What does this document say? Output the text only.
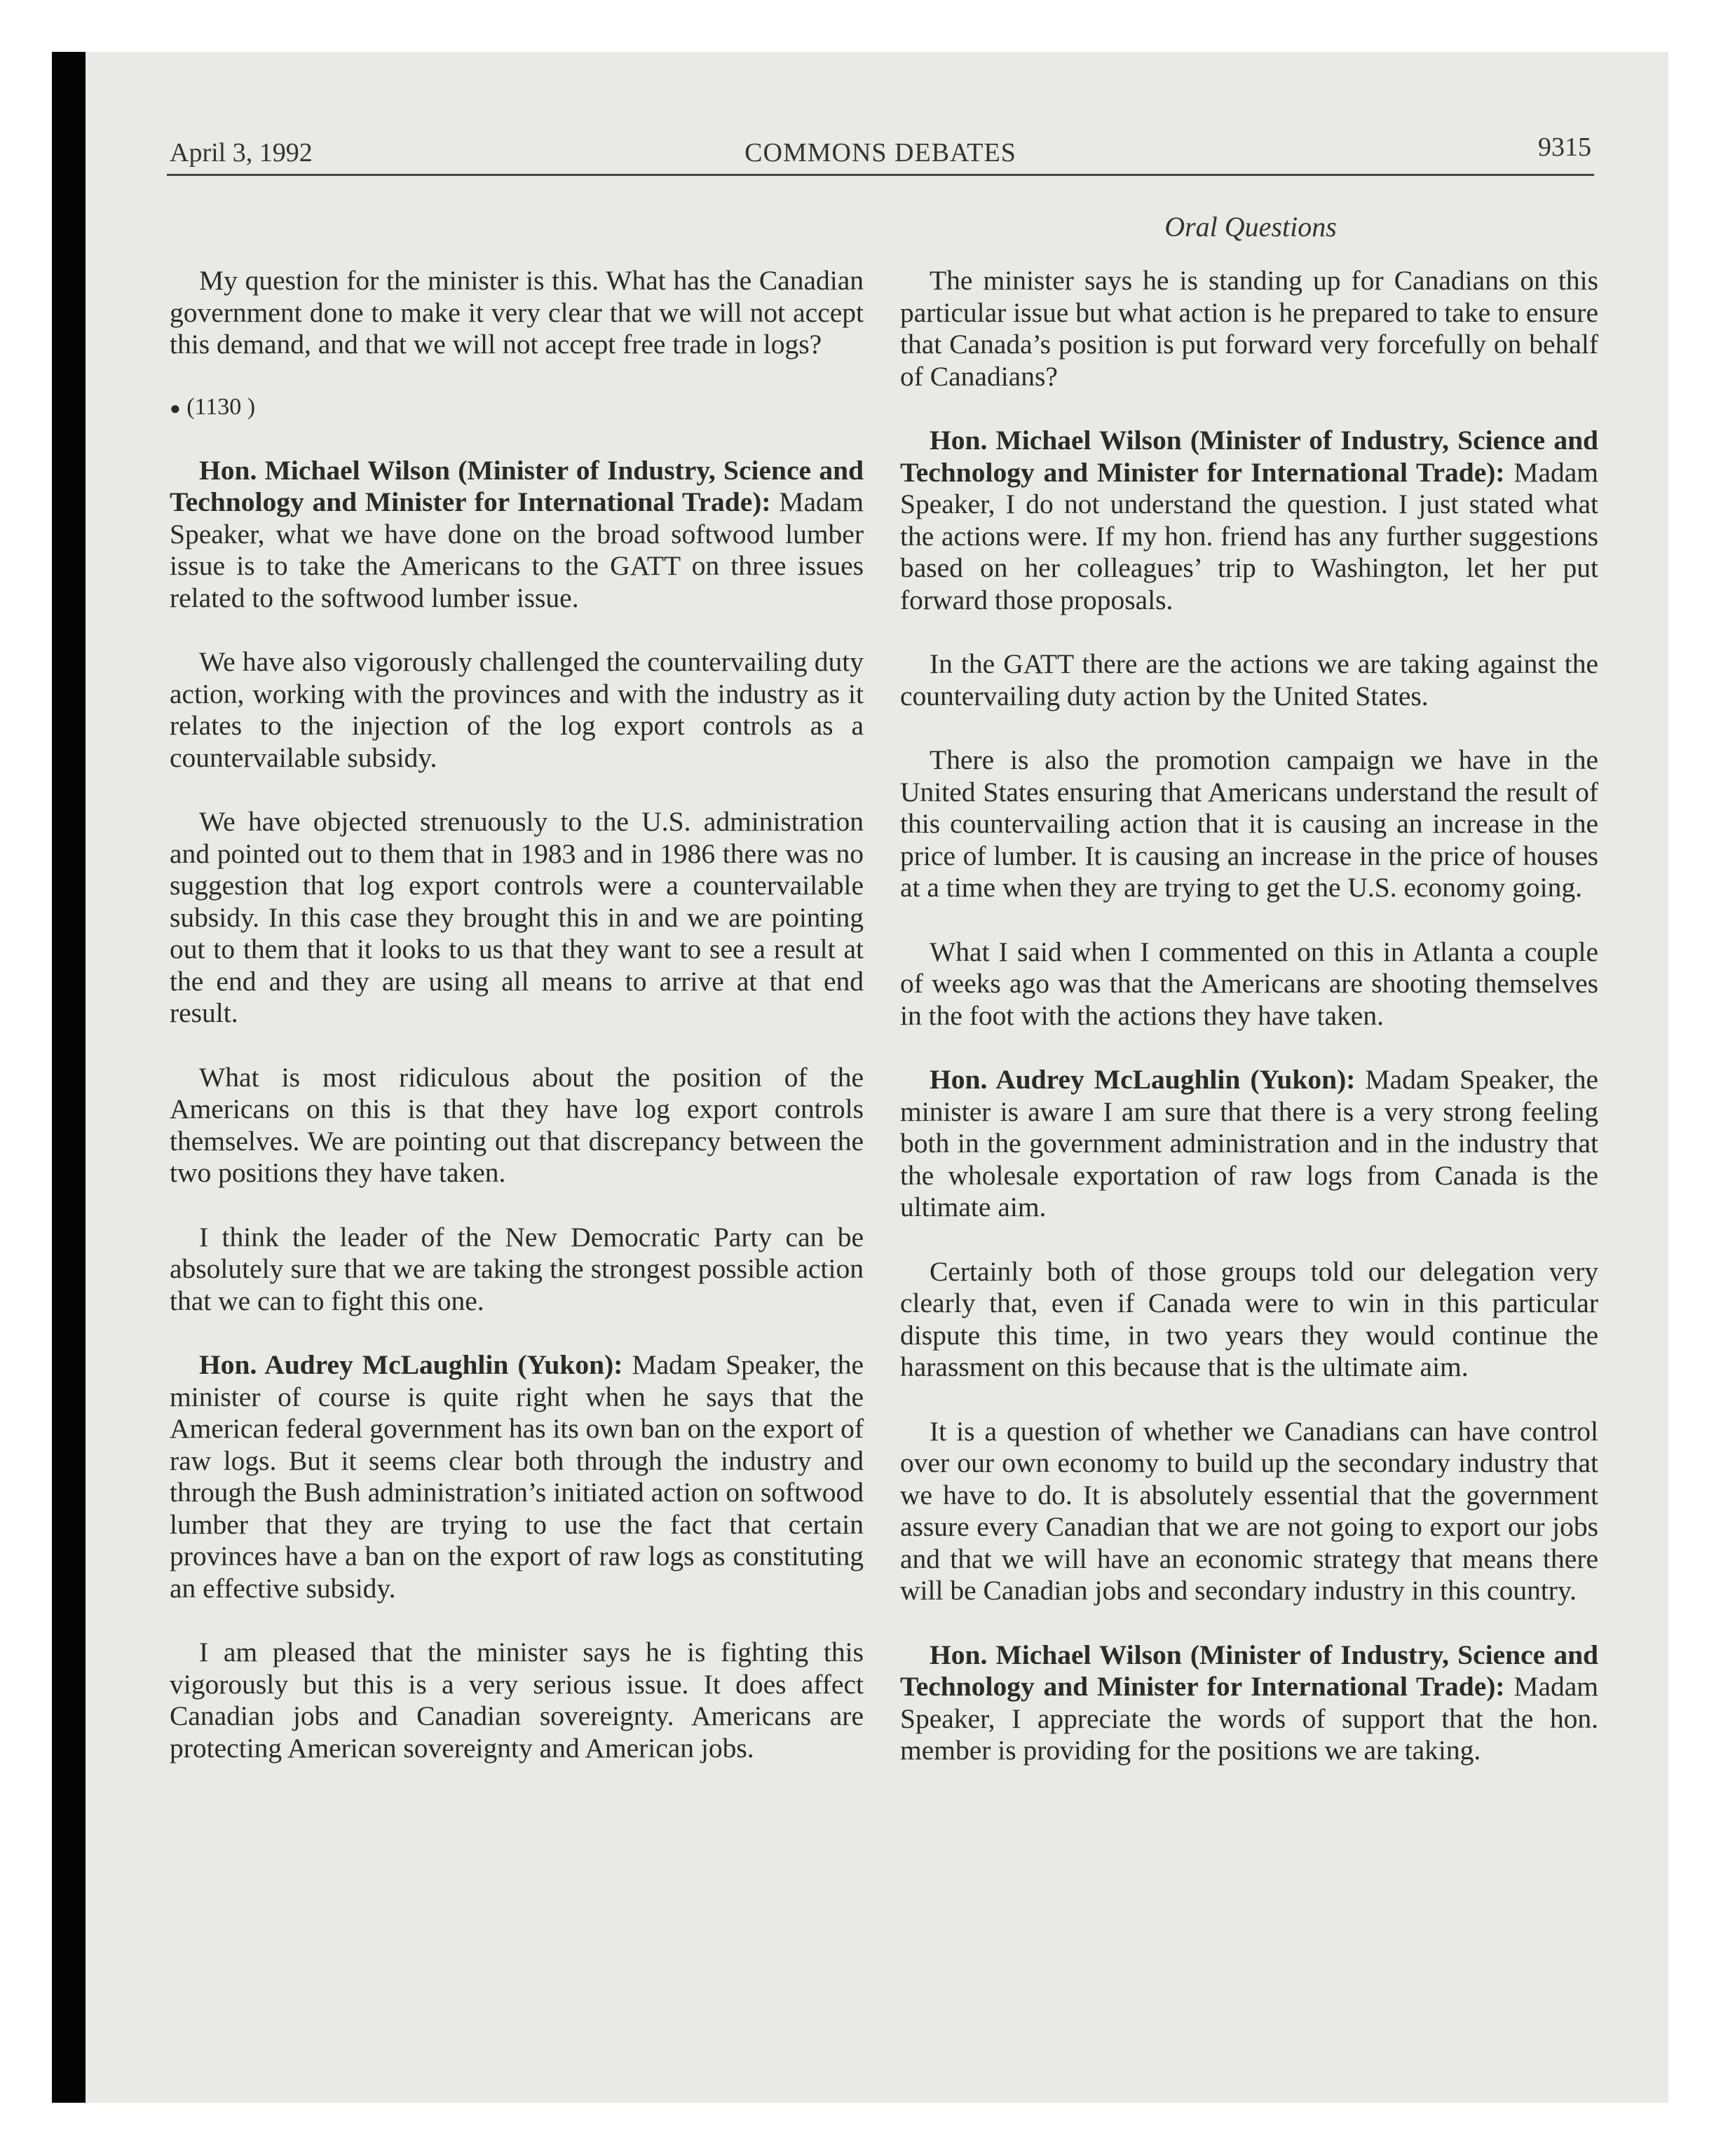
April 3, 1992	COMMONS DEBATES	9315
Oral Questions

My question for the minister is this. What has the Canadian government done to make it very clear that we will not accept this demand, and that we will not accept free trade in logs?

● (1130 )

Hon. Michael Wilson (Minister of Industry, Science and Technology and Minister for International Trade): Madam Speaker, what we have done on the broad softwood lumber issue is to take the Americans to the GATT on three issues related to the softwood lumber issue.

We have also vigorously challenged the countervailing duty action, working with the provinces and with the industry as it relates to the injection of the log export controls as a countervailable subsidy.

We have objected strenuously to the U.S. administration and pointed out to them that in 1983 and in 1986 there was no suggestion that log export controls were a countervailable subsidy. In this case they brought this in and we are pointing out to them that it looks to us that they want to see a result at the end and they are using all means to arrive at that end result.

What is most ridiculous about the position of the Americans on this is that they have log export controls themselves. We are pointing out that discrepancy between the two positions they have taken.

I think the leader of the New Democratic Party can be absolutely sure that we are taking the strongest possible action that we can to fight this one.

Hon. Audrey McLaughlin (Yukon): Madam Speaker, the minister of course is quite right when he says that the American federal government has its own ban on the export of raw logs. But it seems clear both through the industry and through the Bush administration’s initiated action on softwood lumber that they are trying to use the fact that certain provinces have a ban on the export of raw logs as constituting an effective subsidy.

I am pleased that the minister says he is fighting this vigorously but this is a very serious issue. It does affect Canadian jobs and Canadian sovereignty. Americans are protecting American sovereignty and American jobs.

The minister says he is standing up for Canadians on this particular issue but what action is he prepared to take to ensure that Canada’s position is put forward very forcefully on behalf of Canadians?

Hon. Michael Wilson (Minister of Industry, Science and Technology and Minister for International Trade): Madam Speaker, I do not understand the question. I just stated what the actions were. If my hon. friend has any further suggestions based on her colleagues’ trip to Washington, let her put forward those proposals.

In the GATT there are the actions we are taking against the countervailing duty action by the United States.

There is also the promotion campaign we have in the United States ensuring that Americans understand the result of this countervailing action that it is causing an increase in the price of lumber. It is causing an increase in the price of houses at a time when they are trying to get the U.S. economy going.

What I said when I commented on this in Atlanta a couple of weeks ago was that the Americans are shooting themselves in the foot with the actions they have taken.

Hon. Audrey McLaughlin (Yukon): Madam Speaker, the minister is aware I am sure that there is a very strong feeling both in the government administration and in the industry that the wholesale exportation of raw logs from Canada is the ultimate aim.

Certainly both of those groups told our delegation very clearly that, even if Canada were to win in this particular dispute this time, in two years they would continue the harassment on this because that is the ultimate aim.

It is a question of whether we Canadians can have control over our own economy to build up the secondary industry that we have to do. It is absolutely essential that the government assure every Canadian that we are not going to export our jobs and that we will have an economic strategy that means there will be Canadian jobs and secondary industry in this country.

Hon. Michael Wilson (Minister of Industry, Science and Technology and Minister for International Trade): Madam Speaker, I appreciate the words of support that the hon. member is providing for the positions we are taking.
